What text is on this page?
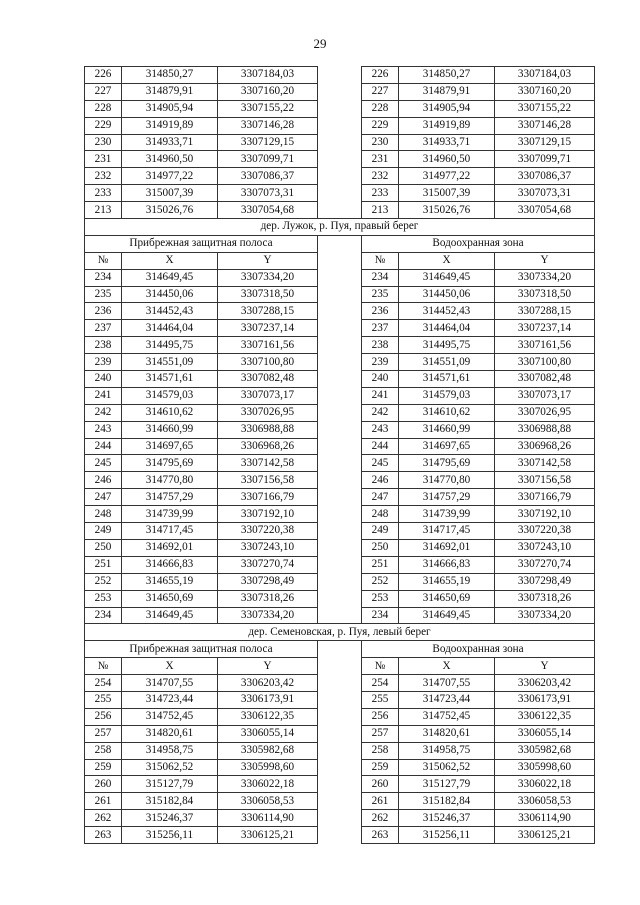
29
226	314850,27	3307184,03		226	314850,27	3307184,03
227	314879,91	3307160,20		227	314879,91	3307160,20
228	314905,94	3307155,22		228	314905,94	3307155,22
229	314919,89	3307146,28		229	314919,89	3307146,28
230	314933,71	3307129,15		230	314933,71	3307129,15
231	314960,50	3307099,71		231	314960,50	3307099,71
232	314977,22	3307086,37		232	314977,22	3307086,37
233	315007,39	3307073,31		233	315007,39	3307073,31
213	315026,76	3307054,68		213	315026,76	3307054,68
дер. Лужок, р. Пуя, правый берег						
Прибрежная защитная полоса				Водоохранная зона		
№	X	Y		№	X	Y
234	314649,45	3307334,20		234	314649,45	3307334,20
235	314450,06	3307318,50		235	314450,06	3307318,50
236	314452,43	3307288,15		236	314452,43	3307288,15
237	314464,04	3307237,14		237	314464,04	3307237,14
238	314495,75	3307161,56		238	314495,75	3307161,56
239	314551,09	3307100,80		239	314551,09	3307100,80
240	314571,61	3307082,48		240	314571,61	3307082,48
241	314579,03	3307073,17		241	314579,03	3307073,17
242	314610,62	3307026,95		242	314610,62	3307026,95
243	314660,99	3306988,88		243	314660,99	3306988,88
244	314697,65	3306968,26		244	314697,65	3306968,26
245	314795,69	3307142,58		245	314795,69	3307142,58
246	314770,80	3307156,58		246	314770,80	3307156,58
247	314757,29	3307166,79		247	314757,29	3307166,79
248	314739,99	3307192,10		248	314739,99	3307192,10
249	314717,45	3307220,38		249	314717,45	3307220,38
250	314692,01	3307243,10		250	314692,01	3307243,10
251	314666,83	3307270,74		251	314666,83	3307270,74
252	314655,19	3307298,49		252	314655,19	3307298,49
253	314650,69	3307318,26		253	314650,69	3307318,26
234	314649,45	3307334,20		234	314649,45	3307334,20
дер. Семеновская, р. Пуя, левый берег						
Прибрежная защитная полоса				Водоохранная зона		
№	X	Y		№	X	Y
254	314707,55	3306203,42		254	314707,55	3306203,42
255	314723,44	3306173,91		255	314723,44	3306173,91
256	314752,45	3306122,35		256	314752,45	3306122,35
257	314820,61	3306055,14		257	314820,61	3306055,14
258	314958,75	3305982,68		258	314958,75	3305982,68
259	315062,52	3305998,60		259	315062,52	3305998,60
260	315127,79	3306022,18		260	315127,79	3306022,18
261	315182,84	3306058,53		261	315182,84	3306058,53
262	315246,37	3306114,90		262	315246,37	3306114,90
263	315256,11	3306125,21		263	315256,11	3306125,21
